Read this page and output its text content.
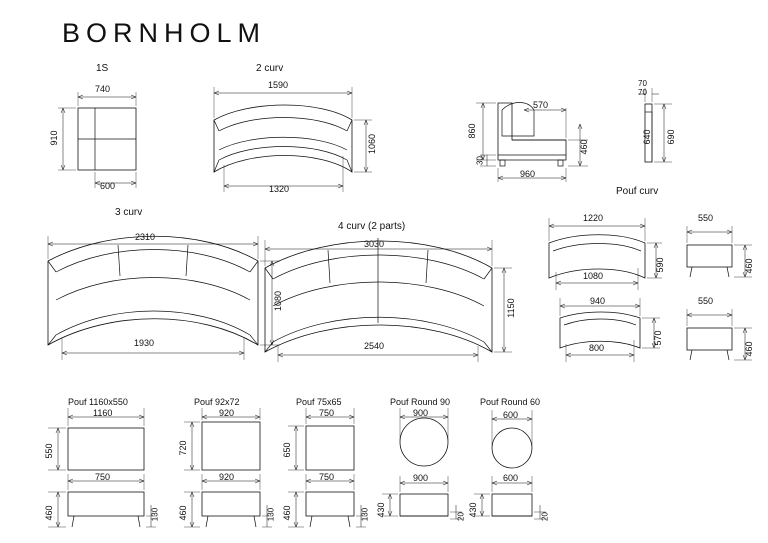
BORNHOLM
1S
740
600
910
2 curv
1590
1320
1060
570
860
30
460
960
70
70
640 690
3 curv
2310
1930
1080
4 curv (2 parts)
3030
2540
1150
Pouf curv
1220
1080
590
550
460
940
800
570
550
460
Pouf 1160x550
1160
550
750
460	130
Pouf 92x72
920
720
920
460	130
Pouf 75x65
750
650
750
460	130
Pouf Round 90
900
900
430	20
Pouf Round 60
600
600
430	20
